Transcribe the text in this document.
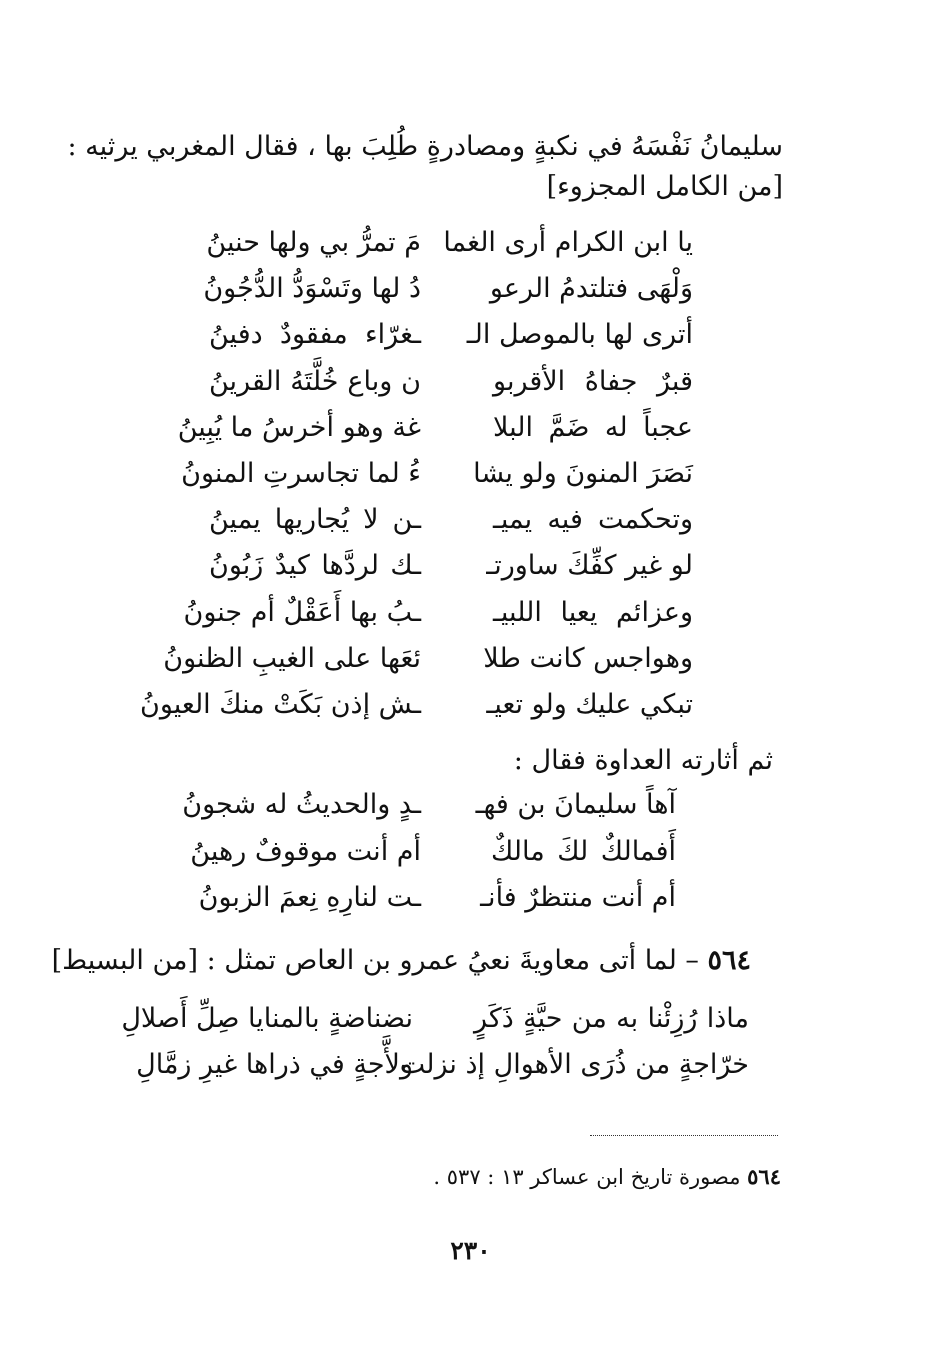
سليمانُ نَفْسَهُ في نكبةٍ ومصادرةٍ طُلِبَ بها ، فقال المغربي يرثيه :
[من الكامل المجزوء]
يا ابن الكرام أرى الغما
مَ تمرُّ بي ولها حنينُ
وَلْهَى فتلتدمُ الرعو
دُ لها وتَسْوَدُّ الدُّجُونُ
أترى لها بالموصل الـ
ـغرّاء مفقودٌ دفينُ
قبرٌ جفاهُ الأقربو
ن وباع خُلَّتَهُ القرينُ
عجباً له ضَمَّ البلا
غة وهو أخرسُ ما يُبِينُ
نَصَرَ المنونَ ولو يشا
ءُ لما تجاسرتِ المنونُ
وتحكمت فيه يميـ
ـن لا يُجاريها يمينُ
لو غير كفِّكَ ساورتـ
ـك لردَّها كيدٌ زَبُونُ
وعزائم يعيا اللبيـ
ـبُ بها أَعَقْلٌ أم جنونُ
وهواجس كانت طلا
ئعَها على الغيبِ الظنونُ
تبكي عليك ولو تعيـ
ـش إذن بَكَتْ منكَ العيونُ
ثم أثارته العداوة فقال :
آهاً سليمانَ بن فهـ
ـدٍ والحديثُ له شجونُ
أَفمالكٌ لكَ مالكٌ
أم أنت موقوفٌ رهينُ
أم أنت منتظرٌ فأنـ
ـت لنارِهِ نِعمَ الزبونُ
٥٦٤ – لما أتى معاويةَ نعيُ عمرو بن العاص تمثل : [من البسيط]
ماذا رُزِئْنا به من حيَّةٍ ذَكَرٍ
نضناضةٍ بالمنايا صِلِّ أَصلالِ
خرّاجةٍ من ذُرَى الأهوالِ إذ نزلت
ولأَّجةٍ في ذراها غيرِ زمَّالِ
٥٦٤ مصورة تاريخ ابن عساكر ١٣ : ٥٣٧ .
٢٣٠
